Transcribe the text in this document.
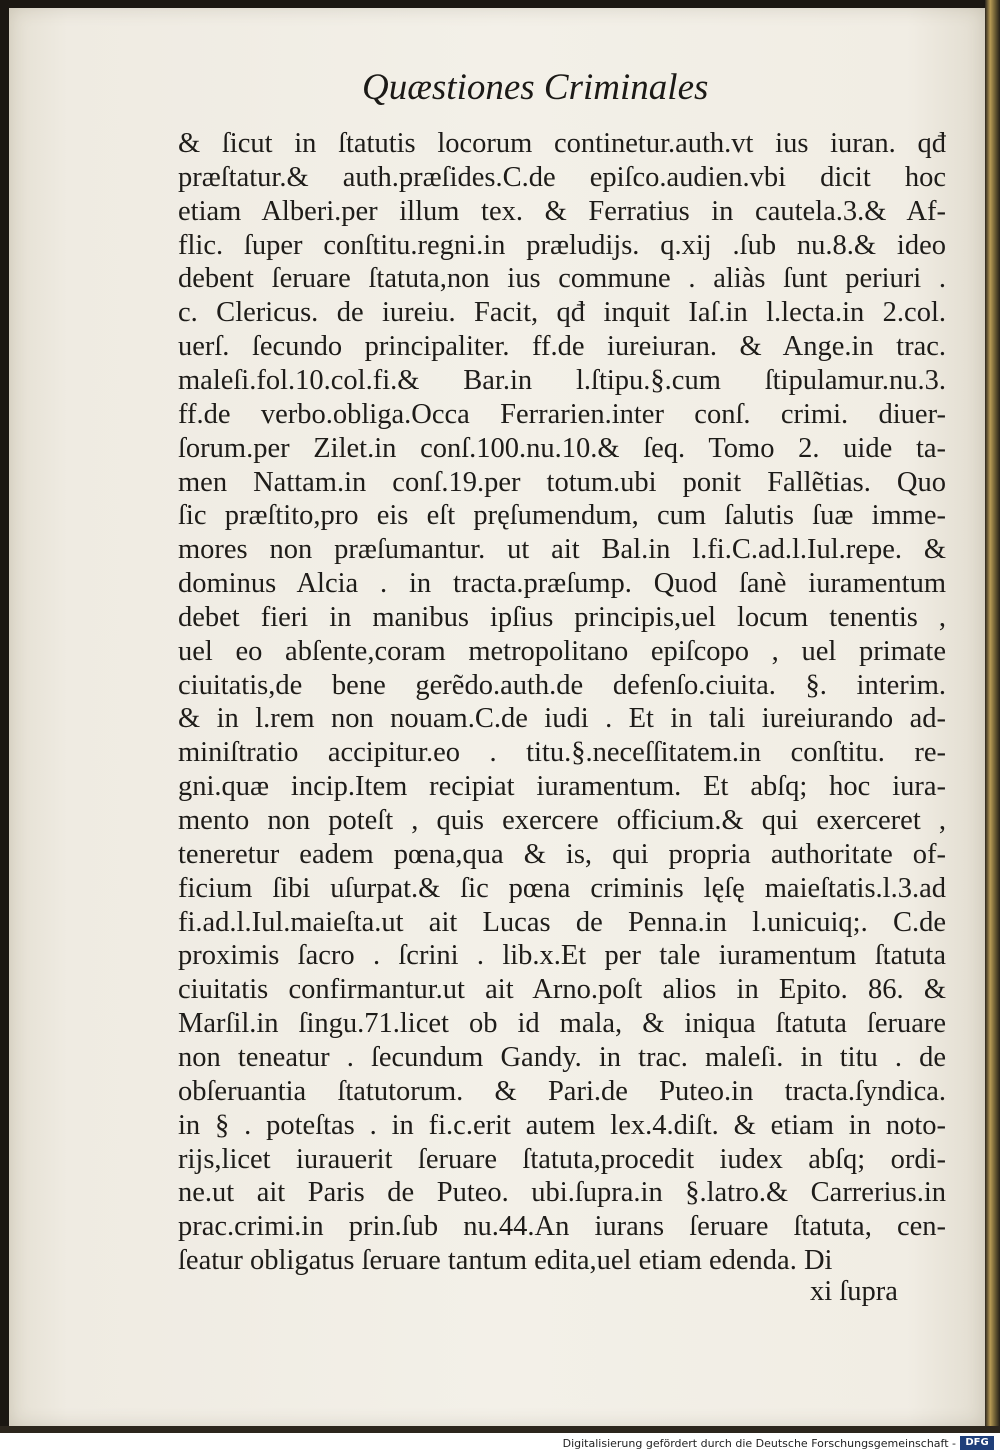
Quæstiones Criminales
& ſicut in ſtatutis locorum continetur.auth.vt ius iuran. qđ
præſtatur.& auth.præſides.C.de epiſco.audien.vbi dicit hoc
etiam Alberi.per illum tex. & Ferratius in cautela.3.& Af-
flic. ſuper conſtitu.regni.in præludijs. q.xij .ſub nu.8.& ideo
debent ſeruare ſtatuta,non ius commune . aliàs ſunt periuri .
c. Clericus. de iureiu. Facit, qđ inquit Iaſ.in l.lecta.in 2.col.
uerſ. ſecundo principaliter. ff.de iureiuran. & Ange.in trac.
maleſi.fol.10.col.fi.& Bar.in l.ſtipu.§.cum ſtipulamur.nu.3.
ff.de verbo.obliga.Occa Ferrarien.inter conſ. crimi. diuer-
ſorum.per Zilet.in conſ.100.nu.10.& ſeq. Tomo 2. uide ta-
men Nattam.in conſ.19.per totum.ubi ponit Fallẽtias. Quo
ſic præſtito,pro eis eſt pręſumendum, cum ſalutis ſuæ imme-
mores non præſumantur. ut ait Bal.in l.fi.C.ad.l.Iul.repe. &
dominus Alcia . in tracta.præſump. Quod ſanè iuramentum
debet fieri in manibus ipſius principis,uel locum tenentis ,
uel eo abſente,coram metropolitano epiſcopo , uel primate
ciuitatis,de bene gerẽdo.auth.de defenſo.ciuita. §. interim.
& in l.rem non nouam.C.de iudi . Et in tali iureiurando ad-
miniſtratio accipitur.eo . titu.§.neceſſitatem.in conſtitu. re-
gni.quæ incip.Item recipiat iuramentum. Et abſq; hoc iura-
mento non poteſt , quis exercere officium.& qui exerceret ,
teneretur eadem pœna,qua & is, qui propria authoritate of-
ficium ſibi uſurpat.& ſic pœna criminis lęſę maieſtatis.l.3.ad
fi.ad.l.Iul.maieſta.ut ait Lucas de Penna.in l.unicuiq;. C.de
proximis ſacro . ſcrini . lib.x.Et per tale iuramentum ſtatuta
ciuitatis confirmantur.ut ait Arno.poſt alios in Epito. 86. &
Marſil.in ſingu.71.licet ob id mala, & iniqua ſtatuta ſeruare
non teneatur . ſecundum Gandy. in trac. maleſi. in titu . de
obſeruantia ſtatutorum. & Pari.de Puteo.in tracta.ſyndica.
in § . poteſtas . in fi.c.erit autem lex.4.diſt. & etiam in noto-
rijs,licet iurauerit ſeruare ſtatuta,procedit iudex abſq; ordi-
ne.ut ait Paris de Puteo. ubi.ſupra.in §.latro.& Carrerius.in
prac.crimi.in prin.ſub nu.44.An iurans ſeruare ſtatuta, cen-
ſeatur obligatus ſeruare tantum edita,uel etiam edenda. Di
xi ſupra
Digitalisierung gefördert durch die Deutsche Forschungsgemeinschaft - DFG
